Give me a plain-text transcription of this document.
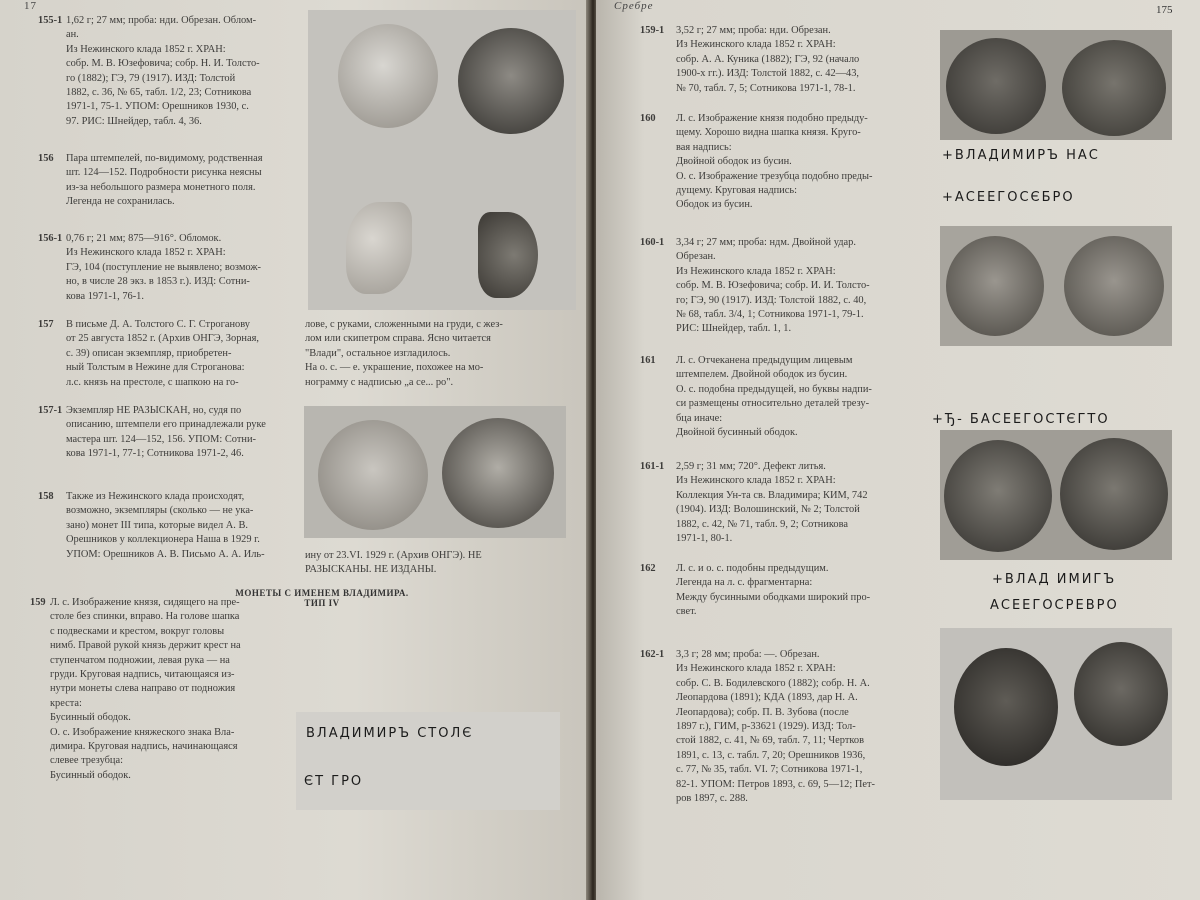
17
155-1 1,62 г; 27 мм; проба: нди. Обрезан. Облом-
ан.
Из Нежинского клада 1852 г. ХРАН:
собр. М. В. Юзефовича; собр. Н. И. Толсто-
го (1882); ГЭ, 79 (1917). ИЗД: Толстой
1882, с. 36, № 65, табл. 1/2, 23; Сотникова
1971-1, 75-1. УПОМ: Орешников 1930, с.
97. РИС: Шнейдер, табл. 4, 36.
156 Пара штемпелей, по-видимому, родственная
шт. 124—152. Подробности рисунка неясны
из-за небольшого размера монетного поля.
Легенда не сохранилась.
156-1 0,76 г; 21 мм; 875—916°. Обломок.
Из Нежинского клада 1852 г. ХРАН:
ГЭ, 104 (поступление не выявлено; возмож-
но, в числе 28 экз. в 1853 г.). ИЗД: Сотни-
кова 1971-1, 76-1.
157 В письме Д. А. Толстого С. Г. Строганову
от 25 августа 1852 г. (Архив ОНГЭ, Зорная,
с. 39) описан экземпляр, приобретен-
ный Толстым в Нежине для Строганова:
л.с. князь на престоле, с шапкою на го-
157-1 Экземпляр НЕ РАЗЫСКАН, но, судя по
описанию, штемпели его принадлежали руке
мастера шт. 124—152, 156. УПОМ: Сотни-
кова 1971-1, 77-1; Сотникова 1971-2, 46.
158 Также из Нежинского клада происходят,
возможно, экземпляры (сколько — не ука-
зано) монет III типа, которые видел А. В.
Орешников у коллекционера Наша в 1929 г.
УПОМ: Орешников А. В. Письмо А. А. Иль-
лове, с руками, сложенными на груди, с жез-
лом или скипетром справа. Ясно читается
"Влади", остальное изгладилось.
На о. с. — е. украшение, похожее на мо-
нограмму с надписью „а се... ро".
ину от 23.VI. 1929 г. (Архив ОНГЭ). НЕ
РАЗЫСКАНЫ. НЕ ИЗДАНЫ.
МОНЕТЫ С ИМЕНЕМ ВЛАДИМИРА.
ТИП IV
159 Л. с. Изображение князя, сидящего на пре-
столе без спинки, вправо. На голове шапка
с подвесками и крестом, вокруг головы
нимб. Правой рукой князь держит крест на
ступенчатом подножии, левая рука — на
груди. Круговая надпись, читающаяся из-
нутри монеты слева направо от подножия
креста:
Бусинный ободок.
О. с. Изображение княжеского знака Вла-
димира. Круговая надпись, начинающаяся
слевее трезубца:
Бусинный ободок.
ВЛАДИМИРЪ СТОЛЄ
ЄТ ГРО
Сребре	175
159-1 3,52 г; 27 мм; проба: нди. Обрезан.
Из Нежинского клада 1852 г. ХРАН:
собр. А. А. Куника (1882); ГЭ, 92 (начало
1900-х гг.). ИЗД: Толстой 1882, с. 42—43,
№ 70, табл. 7, 5; Сотникова 1971-1, 78-1.
160 Л. с. Изображение князя подобно предыду-
щему. Хорошо видна шапка князя. Круго-
вая надпись:
Двойной ободок из бусин.
О. с. Изображение трезубца подобно преды-
дущему. Круговая надпись:
Ободок из бусин.
160-1 3,34 г; 27 мм; проба: ндм. Двойной удар.
Обрезан.
Из Нежинского клада 1852 г. ХРАН:
собр. М. В. Юзефовича; собр. И. И. Толсто-
го; ГЭ, 90 (1917). ИЗД: Толстой 1882, с. 40,
№ 68, табл. 3/4, 1; Сотникова 1971-1, 79-1.
РИС: Шнейдер, табл. 1, 1.
161 Л. с. Отчеканена предыдущим лицевым
штемпелем. Двойной ободок из бусин.
О. с. подобна предыдущей, но буквы надпи-
си размещены относительно деталей трезу-
бца иначе:
Двойной бусинный ободок.
161-1 2,59 г; 31 мм; 720°. Дефект литья.
Из Нежинского клада 1852 г. ХРАН:
Коллекция Ун-та св. Владимира; КИМ, 742
(1904). ИЗД: Волошинский, № 2; Толстой
1882, с. 42, № 71, табл. 9, 2; Сотникова
1971-1, 80-1.
162 Л. с. и о. с. подобны предыдущим.
Легенда на л. с. фрагментарна:
Между бусинными ободками широкий про-
свет.
162-1 3,3 г; 28 мм; проба: —. Обрезан.
Из Нежинского клада 1852 г. ХРАН:
собр. С. В. Бодилевского (1882); собр. Н. А.
Леопардова (1891); КДА (1893, дар Н. А.
Леопардова); собр. П. В. Зубова (после
1897 г.), ГИМ, р-33621 (1929). ИЗД: Тол-
стой 1882, с. 41, № 69, табл. 7, 11; Чертков
1891, с. 13, с. табл. 7, 20; Орешников 1936,
с. 77, № 35, табл. VI. 7; Сотникова 1971-1,
82-1. УПОМ: Петров 1893, с. 69, 5—12; Пет-
ров 1897, с. 288.
+ВЛАДИМИРЪ НАС
+АСЕЕГОСЄБРО
+Ђ- БАСЕЕГОСТЄГТО
+ВЛАД ИМИГЪ
АСЕЕГОСРЕВРО
